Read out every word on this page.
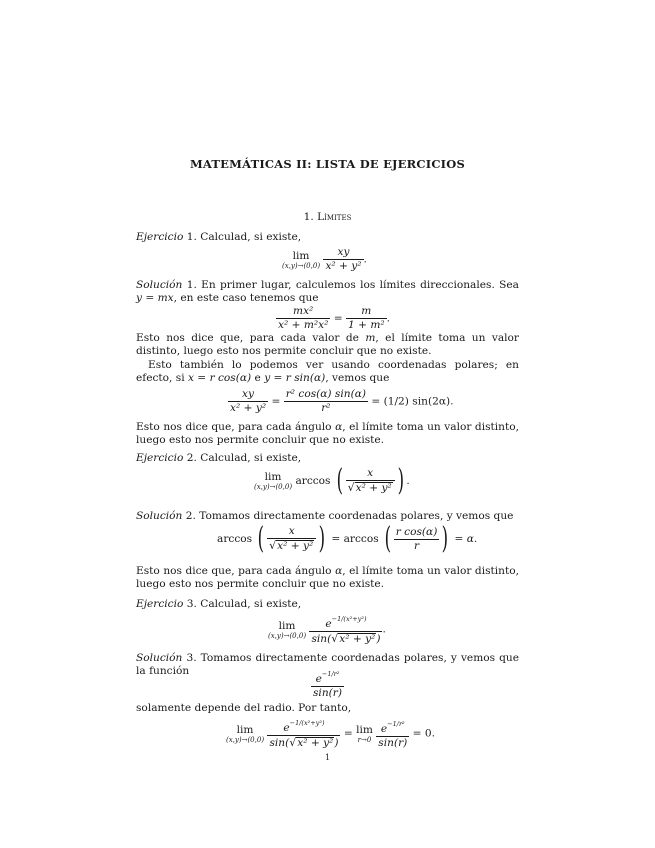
MATEMÁTICAS II: LISTA DE EJERCICIOS
1. Límites
Ejercicio 1. Calculad, si existe,
lim
(x,y)→(0,0)
$\frac{xy}{\text{x² + y²}}$ .
Solución 1. En primer lugar, calculemos los límites direccionales. Sea y = mx, en este caso tenemos que
$\frac{\text{mx²}}{\text{x² + m²x²}} = \frac{m}{\text{1 + m²}}$ .
Esto nos dice que, para cada valor de m, el límite toma un valor distinto, luego esto nos permite concluir que no existe.
Esto también lo podemos ver usando coordenadas polares; en efecto, si x = r cos(α) e y = r sin(α), vemos que
$\frac{xy}{\text{x² + y²}} = \frac{\text{r² cos(α) sin(α)}}{\text{r²}} = (1/2)$ sin(2α).
Esto nos dice que, para cada ángulo α, el límite toma un valor distinto, luego esto nos permite concluir que no existe.
Ejercicio 2. Calculad, si existe,
lim
(x,y)→(0,0) arccos ( $\frac{x}{\text{√x² + y²}}$ ) .
Solución 2. Tomamos directamente coordenadas polares, y vemos que
arccos ( $\frac{x}{\text{√x² + y²}}$ ) = arccos ( $\frac{\text{r cos(α)}}{r}$ ) = α.
Esto nos dice que, para cada ángulo α, el límite toma un valor distinto, luego esto nos permite concluir que no existe.
Ejercicio 3. Calculad, si existe,
lim
(x,y)→(0,0)
$\frac{e^{-1/(x^2+y^2)}}{\text{sin(√x² + y²)}}$ .
Solución 3. Tomamos directamente coordenadas polares, y vemos que la función	$\frac{e^{-1/r^2}}{\sin(r)}$
solamente depende del radio. Por tanto,
lim
(x,y)→(0,0)
$\frac{e^{-1/(x^2+y^2)}}{\text{sin(√x² + y²)}} = \lim$
r→0
$\frac{e^{-1/r^2}}{\sin(r)} = 0$.
1
